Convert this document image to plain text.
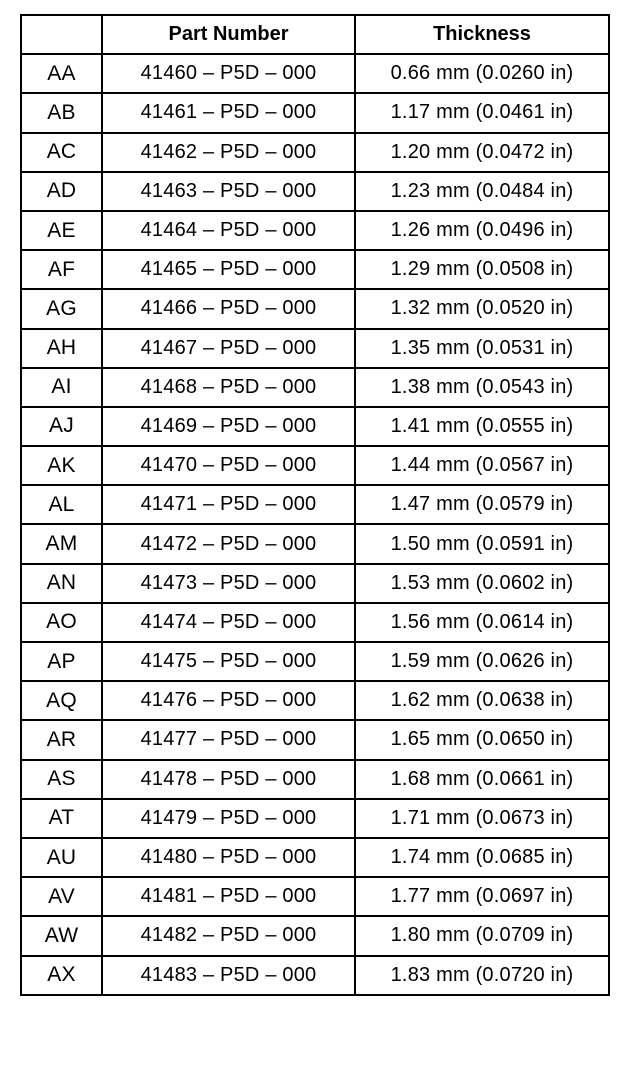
	Part Number	Thickness
AA	41460 – P5D – 000	0.66 mm (0.0260 in)
AB	41461 – P5D – 000	1.17 mm (0.0461 in)
AC	41462 – P5D – 000	1.20 mm (0.0472 in)
AD	41463 – P5D – 000	1.23 mm (0.0484 in)
AE	41464 – P5D – 000	1.26 mm (0.0496 in)
AF	41465 – P5D – 000	1.29 mm (0.0508 in)
AG	41466 – P5D – 000	1.32 mm (0.0520 in)
AH	41467 – P5D – 000	1.35 mm (0.0531 in)
AI	41468 – P5D – 000	1.38 mm (0.0543 in)
AJ	41469 – P5D – 000	1.41 mm (0.0555 in)
AK	41470 – P5D – 000	1.44 mm (0.0567 in)
AL	41471 – P5D – 000	1.47 mm (0.0579 in)
AM	41472 – P5D – 000	1.50 mm (0.0591 in)
AN	41473 – P5D – 000	1.53 mm (0.0602 in)
AO	41474 – P5D – 000	1.56 mm (0.0614 in)
AP	41475 – P5D – 000	1.59 mm (0.0626 in)
AQ	41476 – P5D – 000	1.62 mm (0.0638 in)
AR	41477 – P5D – 000	1.65 mm (0.0650 in)
AS	41478 – P5D – 000	1.68 mm (0.0661 in)
AT	41479 – P5D – 000	1.71 mm (0.0673 in)
AU	41480 – P5D – 000	1.74 mm (0.0685 in)
AV	41481 – P5D – 000	1.77 mm (0.0697 in)
AW	41482 – P5D – 000	1.80 mm (0.0709 in)
AX	41483 – P5D – 000	1.83 mm (0.0720 in)
